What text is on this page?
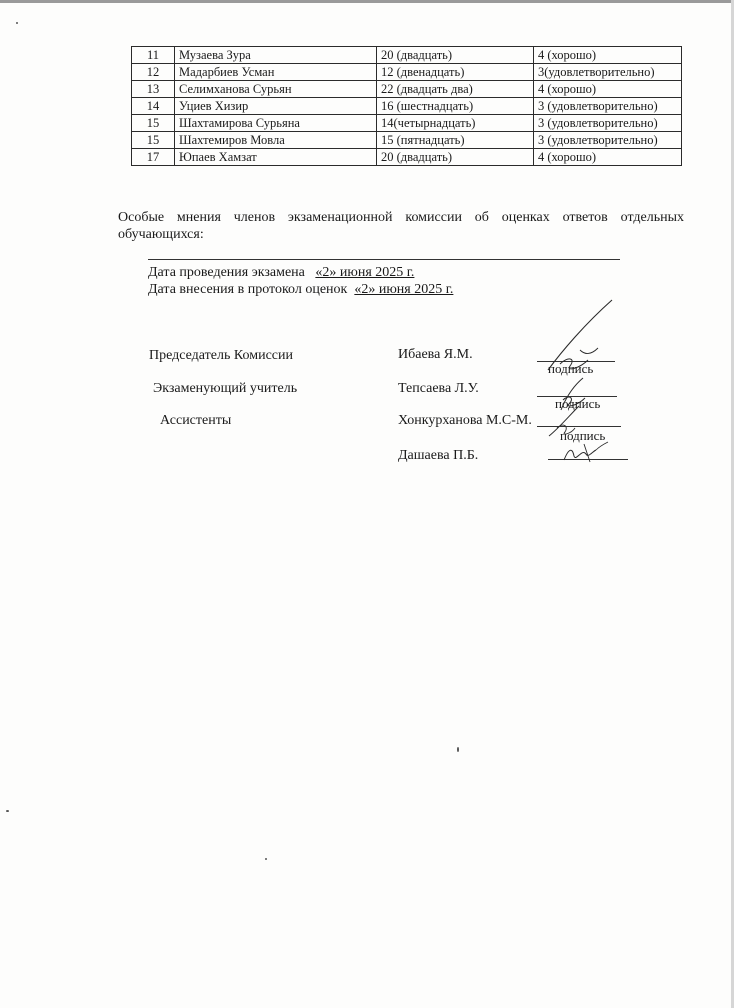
11	Музаева Зура	20 (двадцать)	4 (хорошо)
12	Мадарбиев Усман	12 (двенадцать)	3(удовлетворительно)
13	Селимханова Сурьян	22 (двадцать два)	4 (хорошо)
14	Уциев Хизир	16 (шестнадцать)	3 (удовлетворительно)
15	Шахтамирова Сурьяна	14(четырнадцать)	3 (удовлетворительно)
15	Шахтемиров Мовла	15 (пятнадцать)	3 (удовлетворительно)
17	Юпаев Хамзат	20 (двадцать)	4 (хорошо)
Особые мнения членов экзаменационной комиссии об оценках ответов отдельных обучающихся:
Дата проведения экзамена «2» июня 2025 г.
Дата внесения в протокол оценок «2» июня 2025 г.
Председатель Комиссии	Ибаева Я.М.
подпись
Экзаменующий учитель	Тепсаева Л.У.
подпись
Ассистенты	Хонкурханова М.С-М.
подпись
Дашаева П.Б.
